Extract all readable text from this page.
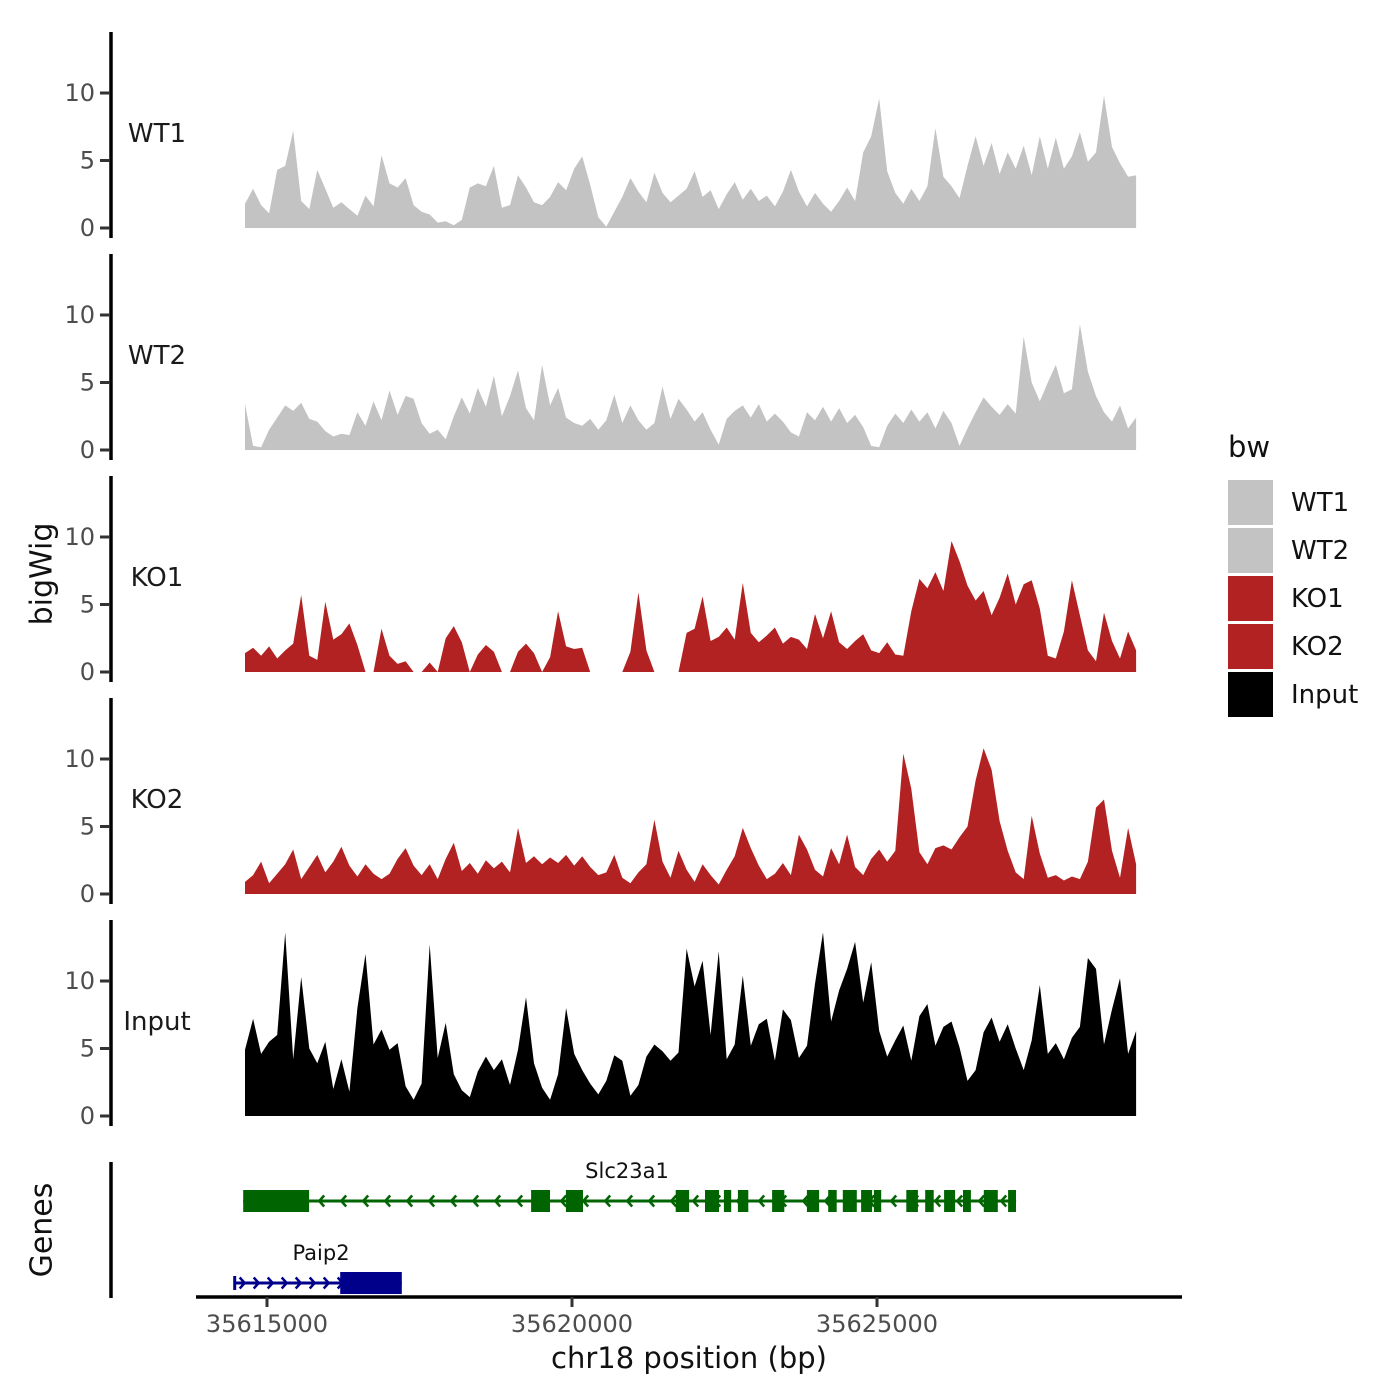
0
5
10
0
5
10
0
5
10
0
5
10
0
5
10
35615000	35620000	35625000
WT1
WT2
KO1
KO2
Input
Slc23a1
Paip2
bigWig
Genes
chr18 position (bp)
bw
WT1
WT2
KO1
KO2
Input
